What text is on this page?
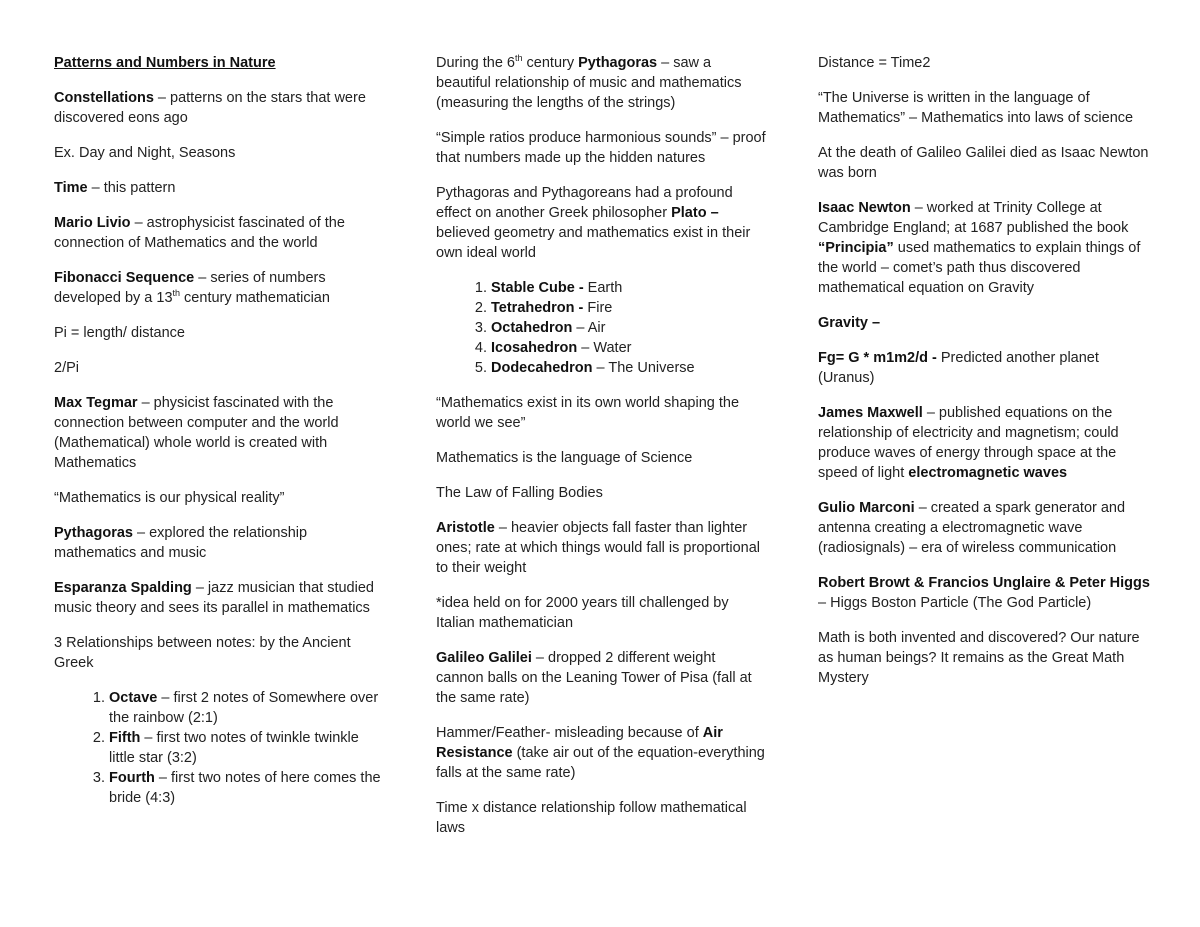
Patterns and Numbers in Nature

Constellations – patterns on the stars that were discovered eons ago

Ex. Day and Night, Seasons

Time – this pattern

Mario Livio – astrophysicist fascinated of the connection of Mathematics and the world

Fibonacci Sequence – series of numbers developed by a 13th century mathematician

Pi = length/ distance

2/Pi

Max Tegmar – physicist fascinated with the connection between computer and the world (Mathematical) whole world is created with Mathematics

“Mathematics is our physical reality”

Pythagoras – explored the relationship mathematics and music

Esparanza Spalding – jazz musician that studied music theory and sees its parallel in mathematics

3 Relationships between notes: by the Ancient Greek

1. Octave – first 2 notes of Somewhere over the rainbow (2:1)
2. Fifth – first two notes of twinkle twinkle little star (3:2)
3. Fourth – first two notes of here comes the bride (4:3)

During the 6th century Pythagoras – saw a beautiful relationship of music and mathematics (measuring the lengths of the strings)

“Simple ratios produce harmonious sounds” – proof that numbers made up the hidden natures

Pythagoras and Pythagoreans had a profound effect on another Greek philosopher Plato – believed geometry and mathematics exist in their own ideal world

1. Stable Cube - Earth
2. Tetrahedron - Fire
3. Octahedron – Air
4. Icosahedron – Water
5. Dodecahedron – The Universe

“Mathematics exist in its own world shaping the world we see”

Mathematics is the language of Science

The Law of Falling Bodies

Aristotle – heavier objects fall faster than lighter ones; rate at which things would fall is proportional to their weight

*idea held on for 2000 years till challenged by Italian mathematician

Galileo Galilei – dropped 2 different weight cannon balls on the Leaning Tower of Pisa (fall at the same rate)

Hammer/Feather- misleading because of Air Resistance (take air out of the equation-everything falls at the same rate)

Time x distance relationship follow mathematical laws

Distance = Time2

“The Universe is written in the language of Mathematics” – Mathematics into laws of science

At the death of Galileo Galilei died as Isaac Newton was born

Isaac Newton – worked at Trinity College at Cambridge England; at 1687 published the book “Principia” used mathematics to explain things of the world – comet’s path thus discovered mathematical equation on Gravity

Gravity –

Fg= G * m1m2/d - Predicted another planet (Uranus)

James Maxwell – published equations on the relationship of electricity and magnetism; could produce waves of energy through space at the speed of light electromagnetic waves

Gulio Marconi – created a spark generator and antenna creating a electromagnetic wave (radiosignals) – era of wireless communication

Robert Browt & Francios Unglaire & Peter Higgs – Higgs Boston Particle (The God Particle)

Math is both invented and discovered? Our nature as human beings? It remains as the Great Math Mystery
